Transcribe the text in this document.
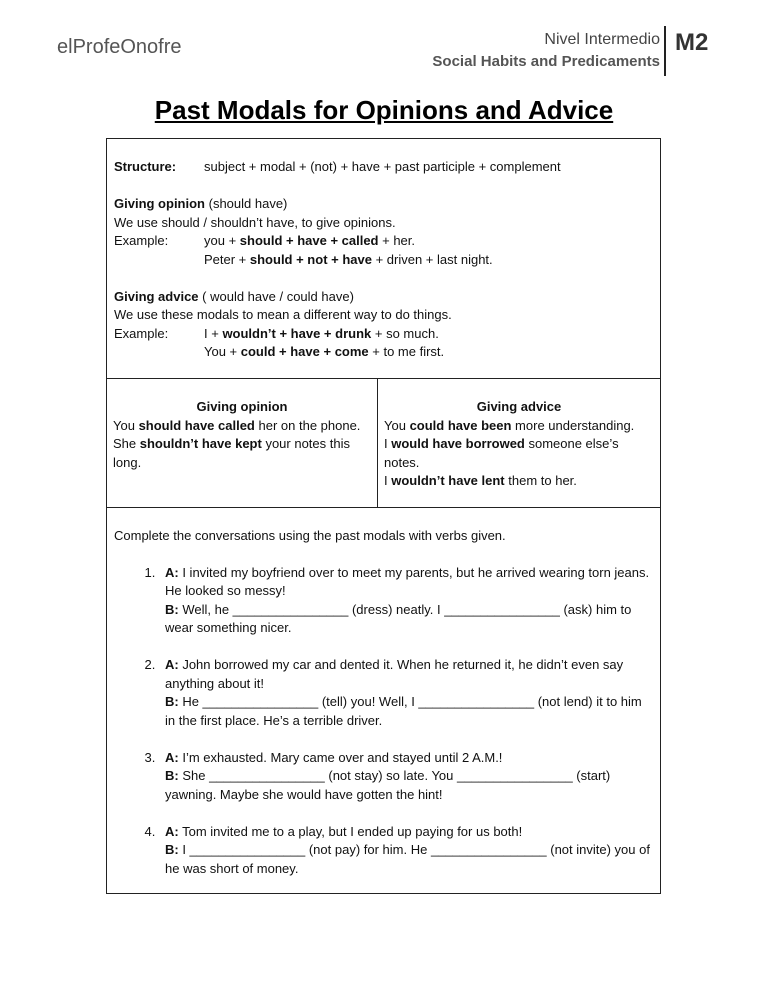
elProfeOnofre	Nivel Intermedio
Social Habits and Predicaments
M2
Past Modals for Opinions and Advice
Structure:	subject + modal + (not) + have + past participle + complement
Giving opinion (should have)
We use should / shouldn’t have, to give opinions.
Example:	you + should + have + called + her.
Peter + should + not + have + driven + last night.
Giving advice ( would have / could have)
We use these modals to mean a different way to do things.
Example:	I + wouldn’t + have + drunk + so much.
You + could + have + come + to me first.
Giving opinion
You should have called her on the phone.
She shouldn’t have kept your notes this long.
Giving advice
You could have been more understanding.
I would have borrowed someone else’s notes.
I wouldn’t have lent them to her.
Complete the conversations using the past modals with verbs given.
1. A: I invited my boyfriend over to meet my parents, but he arrived wearing torn jeans. He looked so messy!
B: Well, he ________________ (dress) neatly. I ________________ (ask) him to wear something nicer.
2. A: John borrowed my car and dented it. When he returned it, he didn’t even say anything about it!
B: He ________________ (tell) you! Well, I ________________ (not lend) it to him in the first place. He’s a terrible driver.
3. A: I’m exhausted. Mary came over and stayed until 2 A.M.!
B: She ________________ (not stay) so late. You ________________ (start) yawning. Maybe she would have gotten the hint!
4. A: Tom invited me to a play, but I ended up paying for us both!
B: I ________________ (not pay) for him. He ________________ (not invite) you of he was short of money.
